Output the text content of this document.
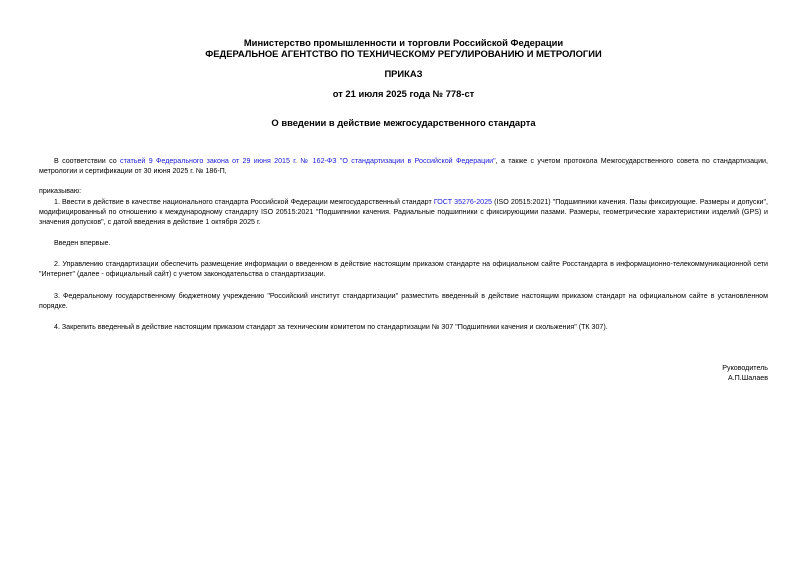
Министерство промышленности и торговли Российской Федерации
ФЕДЕРАЛЬНОЕ АГЕНТСТВО ПО ТЕХНИЧЕСКОМУ РЕГУЛИРОВАНИЮ И МЕТРОЛОГИИ
ПРИКАЗ
от 21 июля 2025 года № 778-ст
О введении в действие межгосударственного стандарта
В соответствии со статьей 9 Федерального закона от 29 июня 2015 г. № 162-ФЗ "О стандартизации в Российской Федерации", а также с учетом протокола Межгосударственного совета по стандартизации, метрологии и сертификации от 30 июня 2025 г. № 186-П,
приказываю:
1. Ввести в действие в качестве национального стандарта Российской Федерации межгосударственный стандарт ГОСТ 35276-2025 (ISO 20515:2021) "Подшипники качения. Пазы фиксирующие. Размеры и допуски", модифицированный по отношению к международному стандарту ISO 20515:2021 "Подшипники качения. Радиальные подшипники с фиксирующими пазами. Размеры, геометрические характеристики изделий (GPS) и значения допусков", с датой введения в действие 1 октября 2025 г.
Введен впервые.
2. Управлению стандартизации обеспечить размещение информации о введенном в действие настоящим приказом стандарте на официальном сайте Росстандарта в информационно-телекоммуникационной сети "Интернет" (далее - официальный сайт) с учетом законодательства о стандартизации.
3. Федеральному государственному бюджетному учреждению "Российский институт стандартизации" разместить введенный в действие настоящим приказом стандарт на официальном сайте в установленном порядке.
4. Закрепить введенный в действие настоящим приказом стандарт за техническим комитетом по стандартизации № 307 "Подшипники качения и скольжения" (ТК 307).
Руководитель
А.П.Шалаев
